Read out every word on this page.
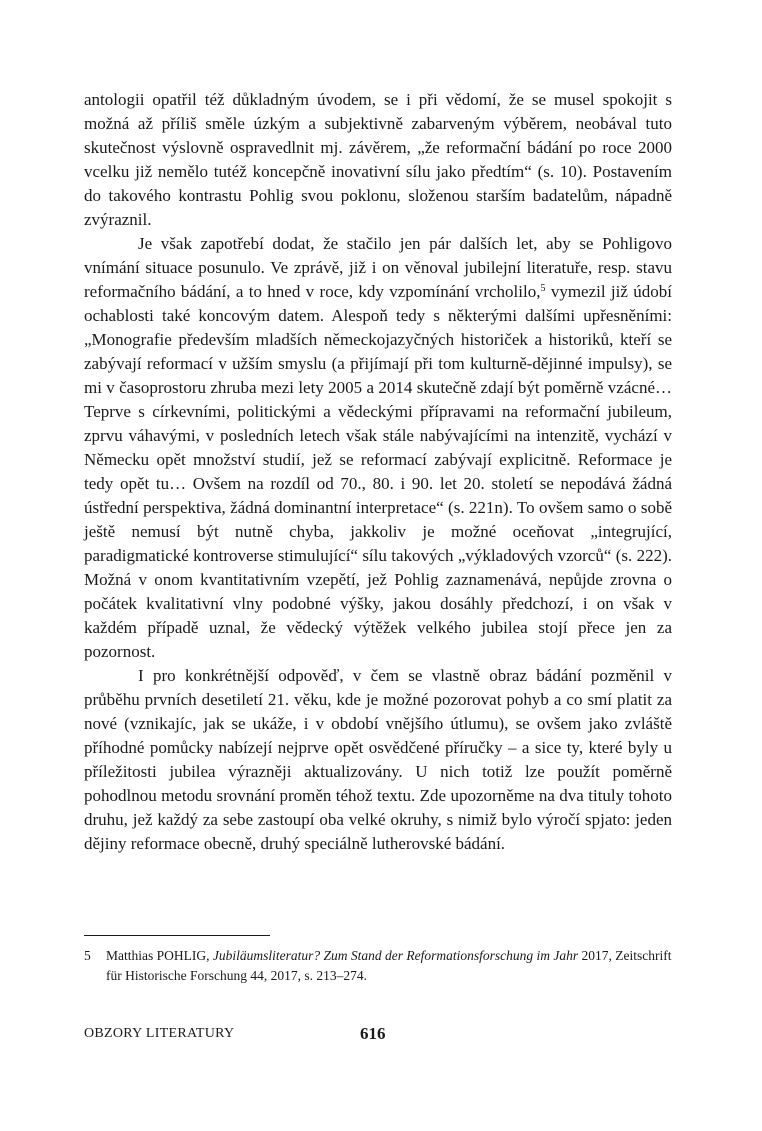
antologii opatřil též důkladným úvodem, se i při vědomí, že se musel spokojit s možná až příliš směle úzkým a subjektivně zabarveným výběrem, neobával tuto skutečnost výslovně ospravedlnit mj. závěrem, „že reformační bádání po roce 2000 vcelku již nemělo tutéž koncepčně inovativní sílu jako předtím“ (s. 10). Postavením do takového kontrastu Pohlig svou poklonu, složenou starším badatelům, nápadně zvýraznil.

Je však zapotřebí dodat, že stačilo jen pár dalších let, aby se Pohligovo vnímání situace posunulo. Ve zprávě, již i on věnoval jubilejní literatuře, resp. stavu reformačního bádání, a to hned v roce, kdy vzpomínání vrcholilo,$^5$ vymezil již údobí ochablosti také koncovým datem. Alespoň tedy s některými dalšími upřesněními: „Monografie především mladších německojazyčných historiček a historiků, kteří se zabývají reformací v užším smyslu (a přijímají při tom kulturně-dějinné impulsy), se mi v časoprostoru zhruba mezi lety 2005 a 2014 skutečně zdají být poměrně vzácné… Teprve s církevními, politickými a vědeckými přípravami na reformační jubileum, zprvu váhavými, v posledních letech však stále nabývajícími na intenzitě, vychází v Německu opět množství studií, jež se reformací zabývají explicitně. Reformace je tedy opět tu… Ovšem na rozdíl od 70., 80. i 90. let 20. století se nepodává žádná ústřední perspektiva, žádná dominantní interpretace“ (s. 221n). To ovšem samo o sobě ještě nemusí být nutně chyba, jakkoliv je možné oceňovat „integrující, paradigmatické kontroverse stimulující“ sílu takových „výkladových vzorců“ (s. 222). Možná v onom kvantitativním vzepětí, jež Pohlig zaznamenává, nepůjde zrovna o počátek kvalitativní vlny podobné výšky, jakou dosáhly předchozí, i on však v každém případě uznal, že vědecký výtěžek velkého jubilea stojí přece jen za pozornost.

I pro konkrétnější odpověď, v čem se vlastně obraz bádání pozměnil v průběhu prvních desetiletí 21. věku, kde je možné pozorovat pohyb a co smí platit za nové (vznikajíc, jak se ukáže, i v období vnějšího útlumu), se ovšem jako zvláště příhodné pomůcky nabízejí nejprve opět osvědčené příručky – a sice ty, které byly u příležitosti jubilea výrazněji aktualizovány. U nich totiž lze použít poměrně pohodlnou metodu srovnání proměn téhož textu. Zde upozorněme na dva tituly tohoto druhu, jež každý za sebe zastoupí oba velké okruhy, s nimiž bylo výročí spjato: jeden dějiny reformace obecně, druhý speciálně lutherovské bádání.

5 Matthias POHLIG, Jubiläumsliteratur? Zum Stand der Reformationsforschung im Jahr 2017, Zeitschrift für Historische Forschung 44, 2017, s. 213–274.
OBZORY LITERATURY	616
